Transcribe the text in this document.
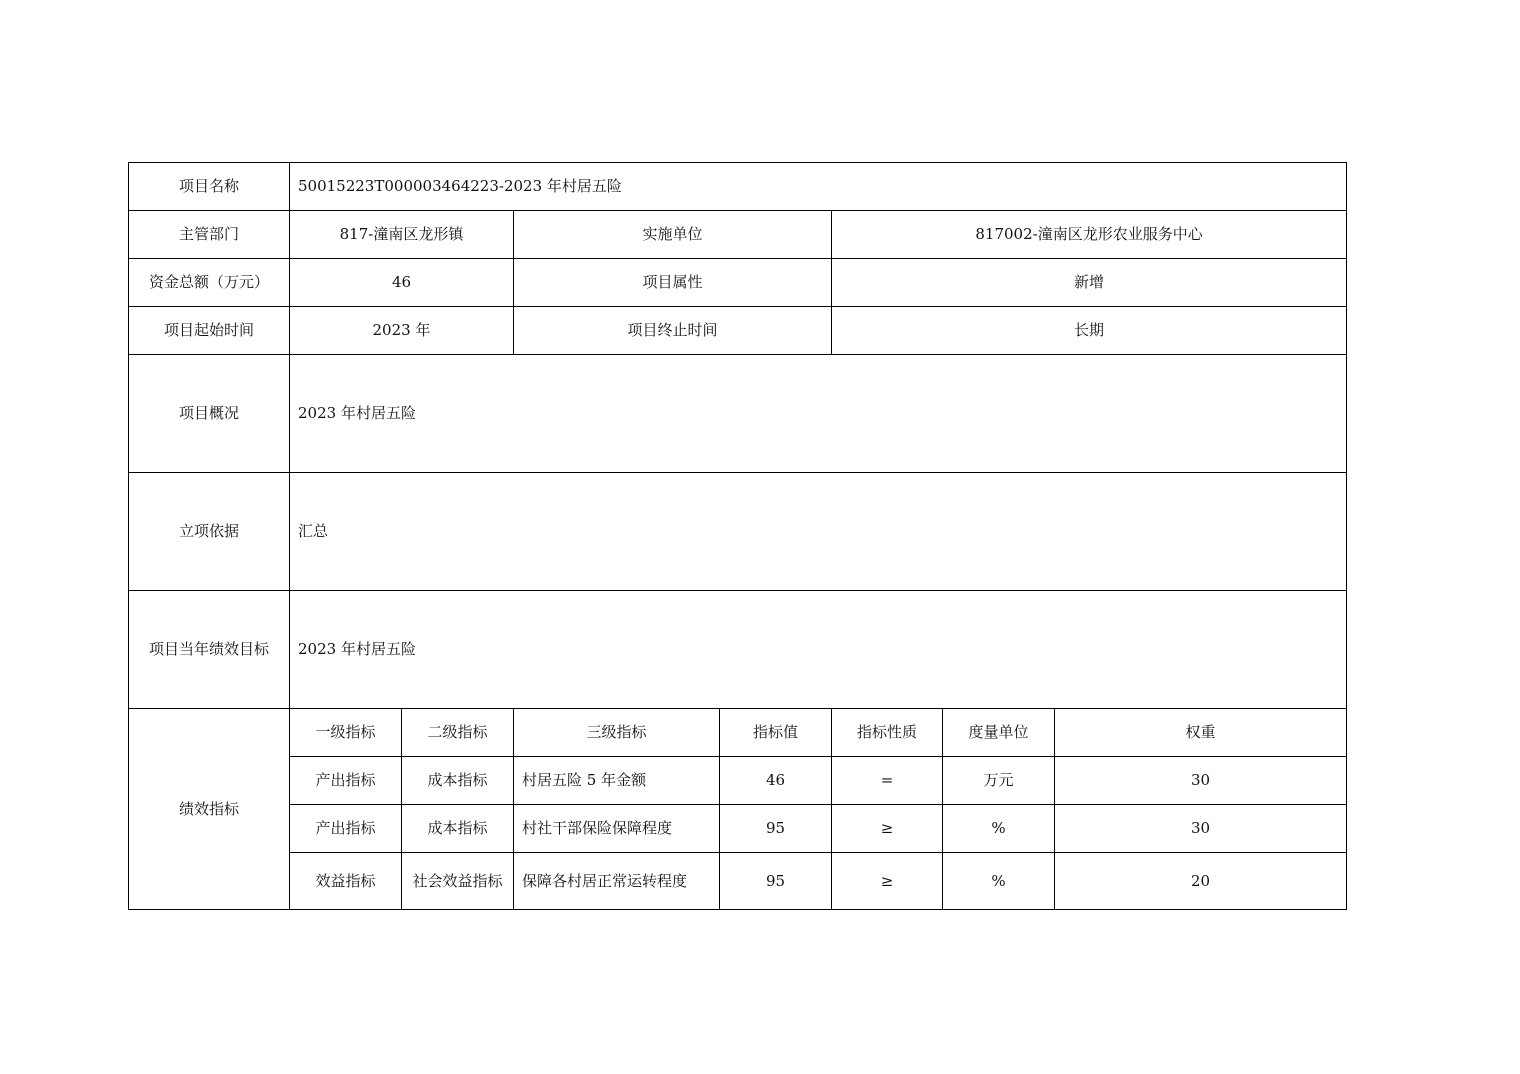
项目名称	50015223T000003464223-2023 年村居五险						
主管部门	817-潼南区龙形镇		实施单位		817002-潼南区龙形农业服务中心		
资金总额（万元）	46		项目属性		新增		
项目起始时间	2023 年		项目终止时间		长期		
项目概况	2023 年村居五险						
立项依据	汇总						
项目当年绩效目标	2023 年村居五险						
绩效指标	一级指标	二级指标	三级指标	指标值	指标性质	度量单位	权重
	产出指标	成本指标	村居五险 5 年金额	46	=	万元	30
	产出指标	成本指标	村社干部保险保障程度	95	≥	%	30
	效益指标	社会效益指标	保障各村居正常运转程度	95	≥	%	20
